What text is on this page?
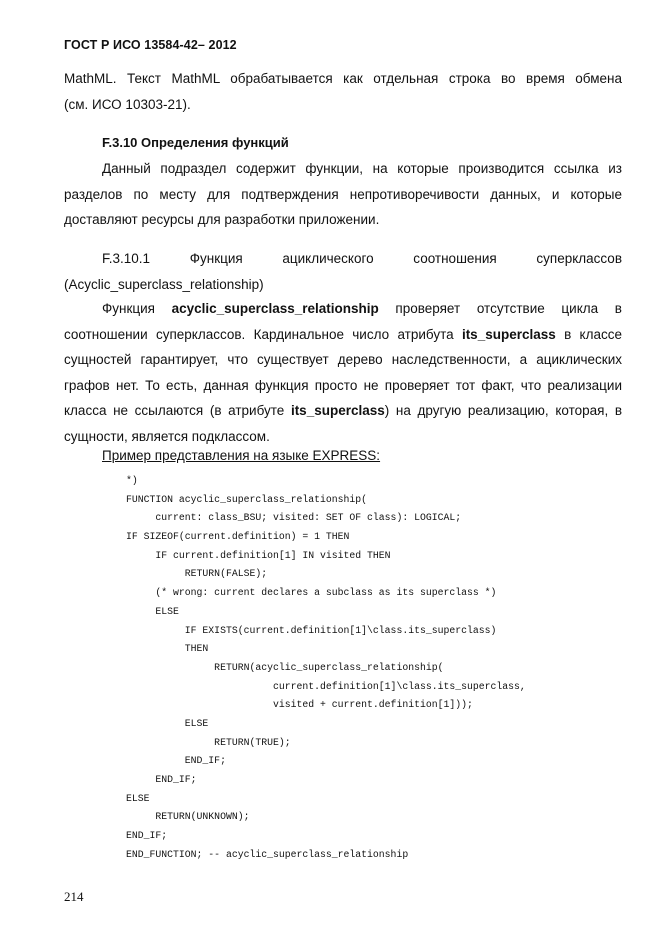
ГОСТ Р ИСО 13584-42– 2012

MathML. Текст MathML обрабатывается как отдельная строка во время обмена

(см. ИСО 10303-21).

F.3.10 Определения функций

Данный подраздел содержит функции, на которые производится ссылка из разделов по месту для подтверждения непротиворечивости данных, и которые доставляют ресурсы для разработки приложении.

F.3.10.1	Функция	ациклического	соотношения	суперклассов

(Acyclic_superclass_relationship)

Функция acyclic_superclass_relationship проверяет отсутствие цикла в соотношении суперклассов. Кардинальное число атрибута its_superclass в классе сущностей гарантирует, что существует дерево наследственности, а ациклических графов нет. То есть, данная функция просто не проверяет тот факт, что реализации класса не ссылаются (в атрибуте its_superclass) на другую реализацию, которая, в сущности, является подклассом.

Пример представления на языке EXPRESS:
*)
FUNCTION acyclic_superclass_relationship(
current: class_BSU; visited: SET OF class): LOGICAL;
IF SIZEOF(current.definition) = 1 THEN
IF current.definition[1] IN visited THEN
RETURN(FALSE);
(* wrong: current declares a subclass as its superclass *)
ELSE
IF EXISTS(current.definition[1]\class.its_superclass)
THEN
RETURN(acyclic_superclass_relationship(
current.definition[1]\class.its_superclass,
visited + current.definition[1]));
ELSE
RETURN(TRUE);
END_IF;
END_IF;
ELSE
RETURN(UNKNOWN);
END_IF;
END_FUNCTION; -- acyclic_superclass_relationship
214
